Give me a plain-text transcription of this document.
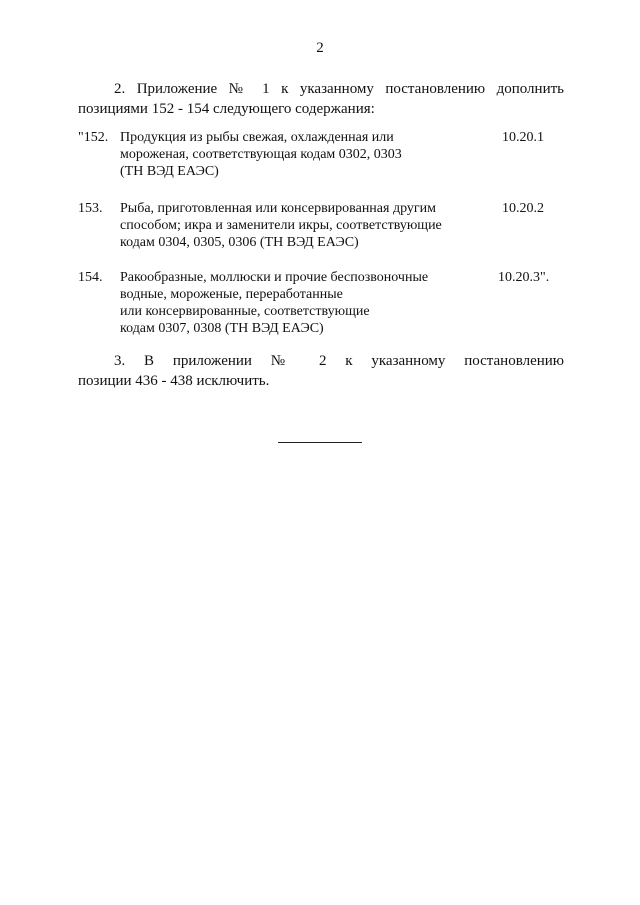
2
2. Приложение № 1 к указанному постановлению дополнить
позициями 152 - 154 следующего содержания:
"152. Продукция из рыбы свежая, охлажденная или
мороженая, соответствующая кодам 0302, 0303
(ТН ВЭД ЕАЭС)
10.20.1
153. Рыба, приготовленная или консервированная другим
способом; икра и заменители икры, соответствующие
кодам 0304, 0305, 0306 (ТН ВЭД ЕАЭС)
10.20.2
154. Ракообразные, моллюски и прочие беспозвоночные
водные, мороженые, переработанные
или консервированные, соответствующие
кодам 0307, 0308 (ТН ВЭД ЕАЭС)
10.20.3".
3. В приложении № 2 к указанному постановлению
позиции 436 - 438 исключить.
